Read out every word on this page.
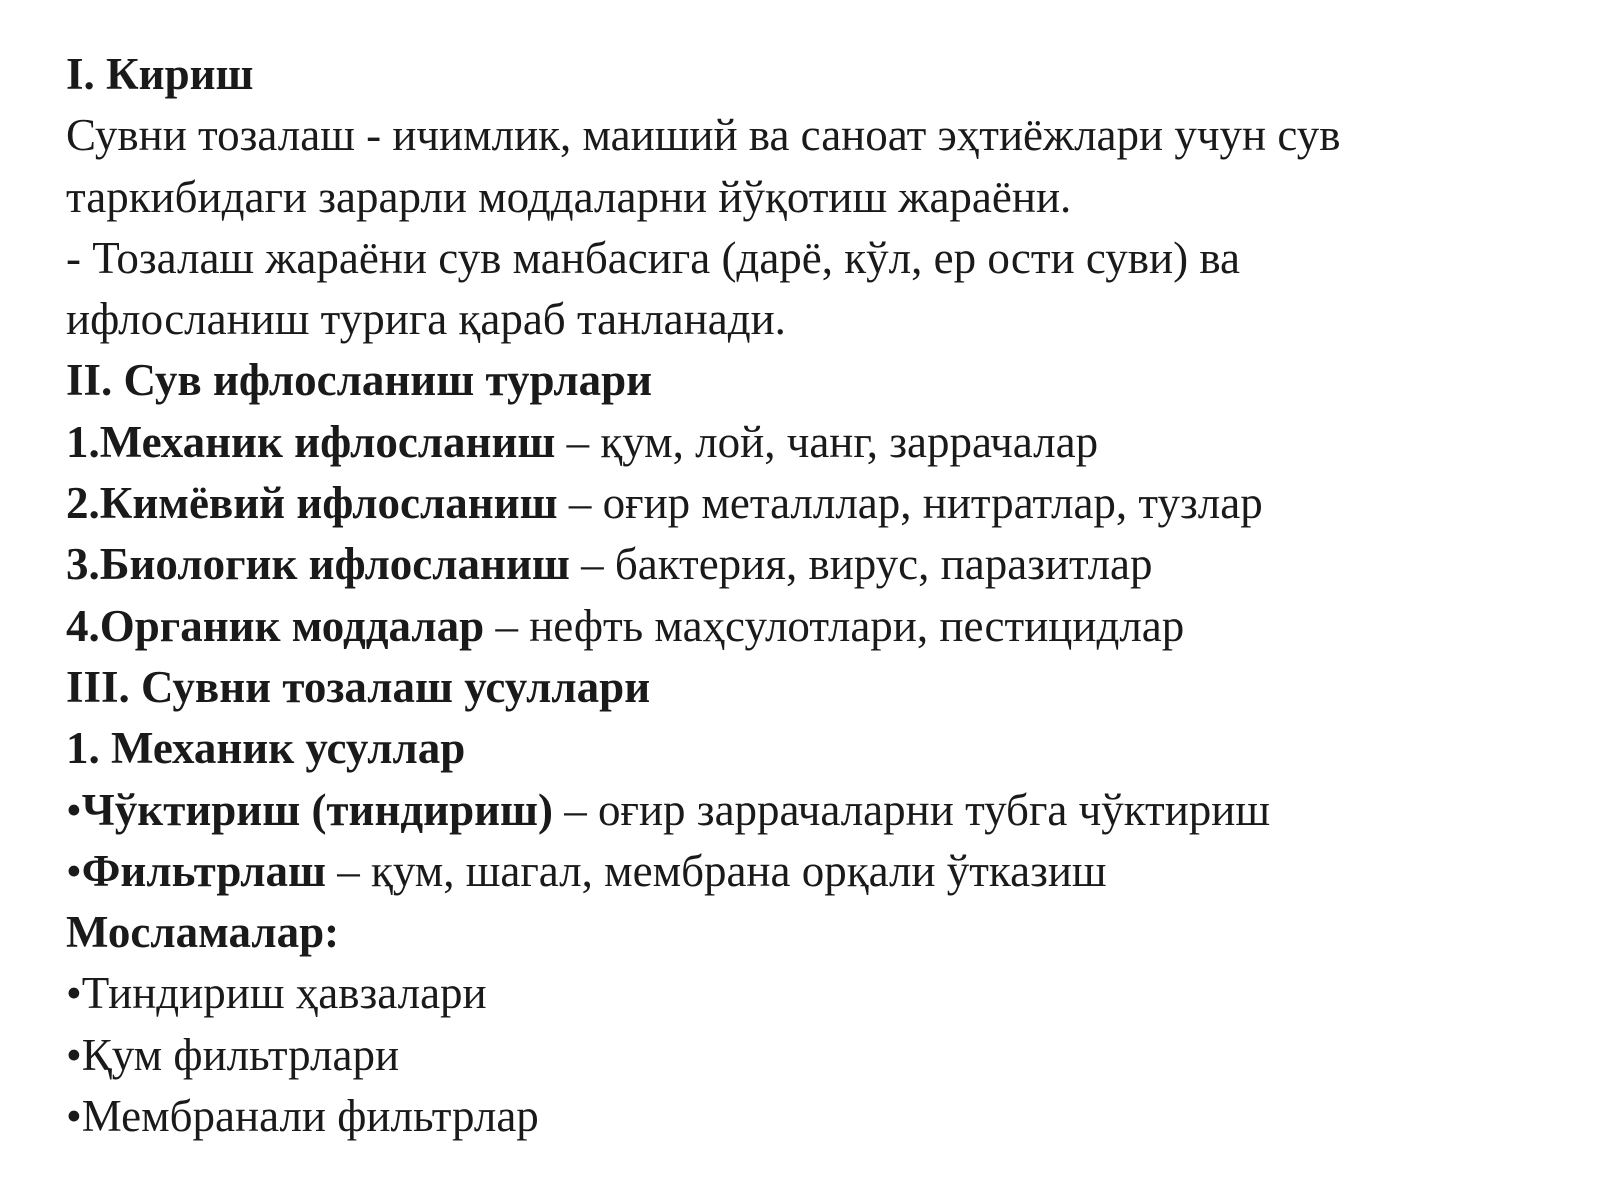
I. Кириш
Сувни тозалаш - ичимлик, маиший ва саноат эҳтиёжлари учун сув
таркибидаги зарарли моддаларни йўқотиш жараёни.
- Тозалаш жараёни сув манбасига (дарё, кўл, ер ости суви) ва
ифлосланиш турига қараб танланади.
II. Сув ифлосланиш турлари
1.Механик ифлосланиш – қум, лой, чанг, заррачалар
2.Кимёвий ифлосланиш – оғир металллар, нитратлар, тузлар
3.Биологик ифлосланиш – бактерия, вирус, паразитлар
4.Органик моддалар – нефть маҳсулотлари, пестицидлар
III. Сувни тозалаш усуллари
1. Механик усуллар
•Чўктириш (тиндириш) – оғир заррачаларни тубга чўктириш
•Фильтрлаш – қум, шагал, мембрана орқали ўтказиш
Мосламалар:
•Тиндириш ҳавзалари
•Қум фильтрлари
•Мембранали фильтрлар
